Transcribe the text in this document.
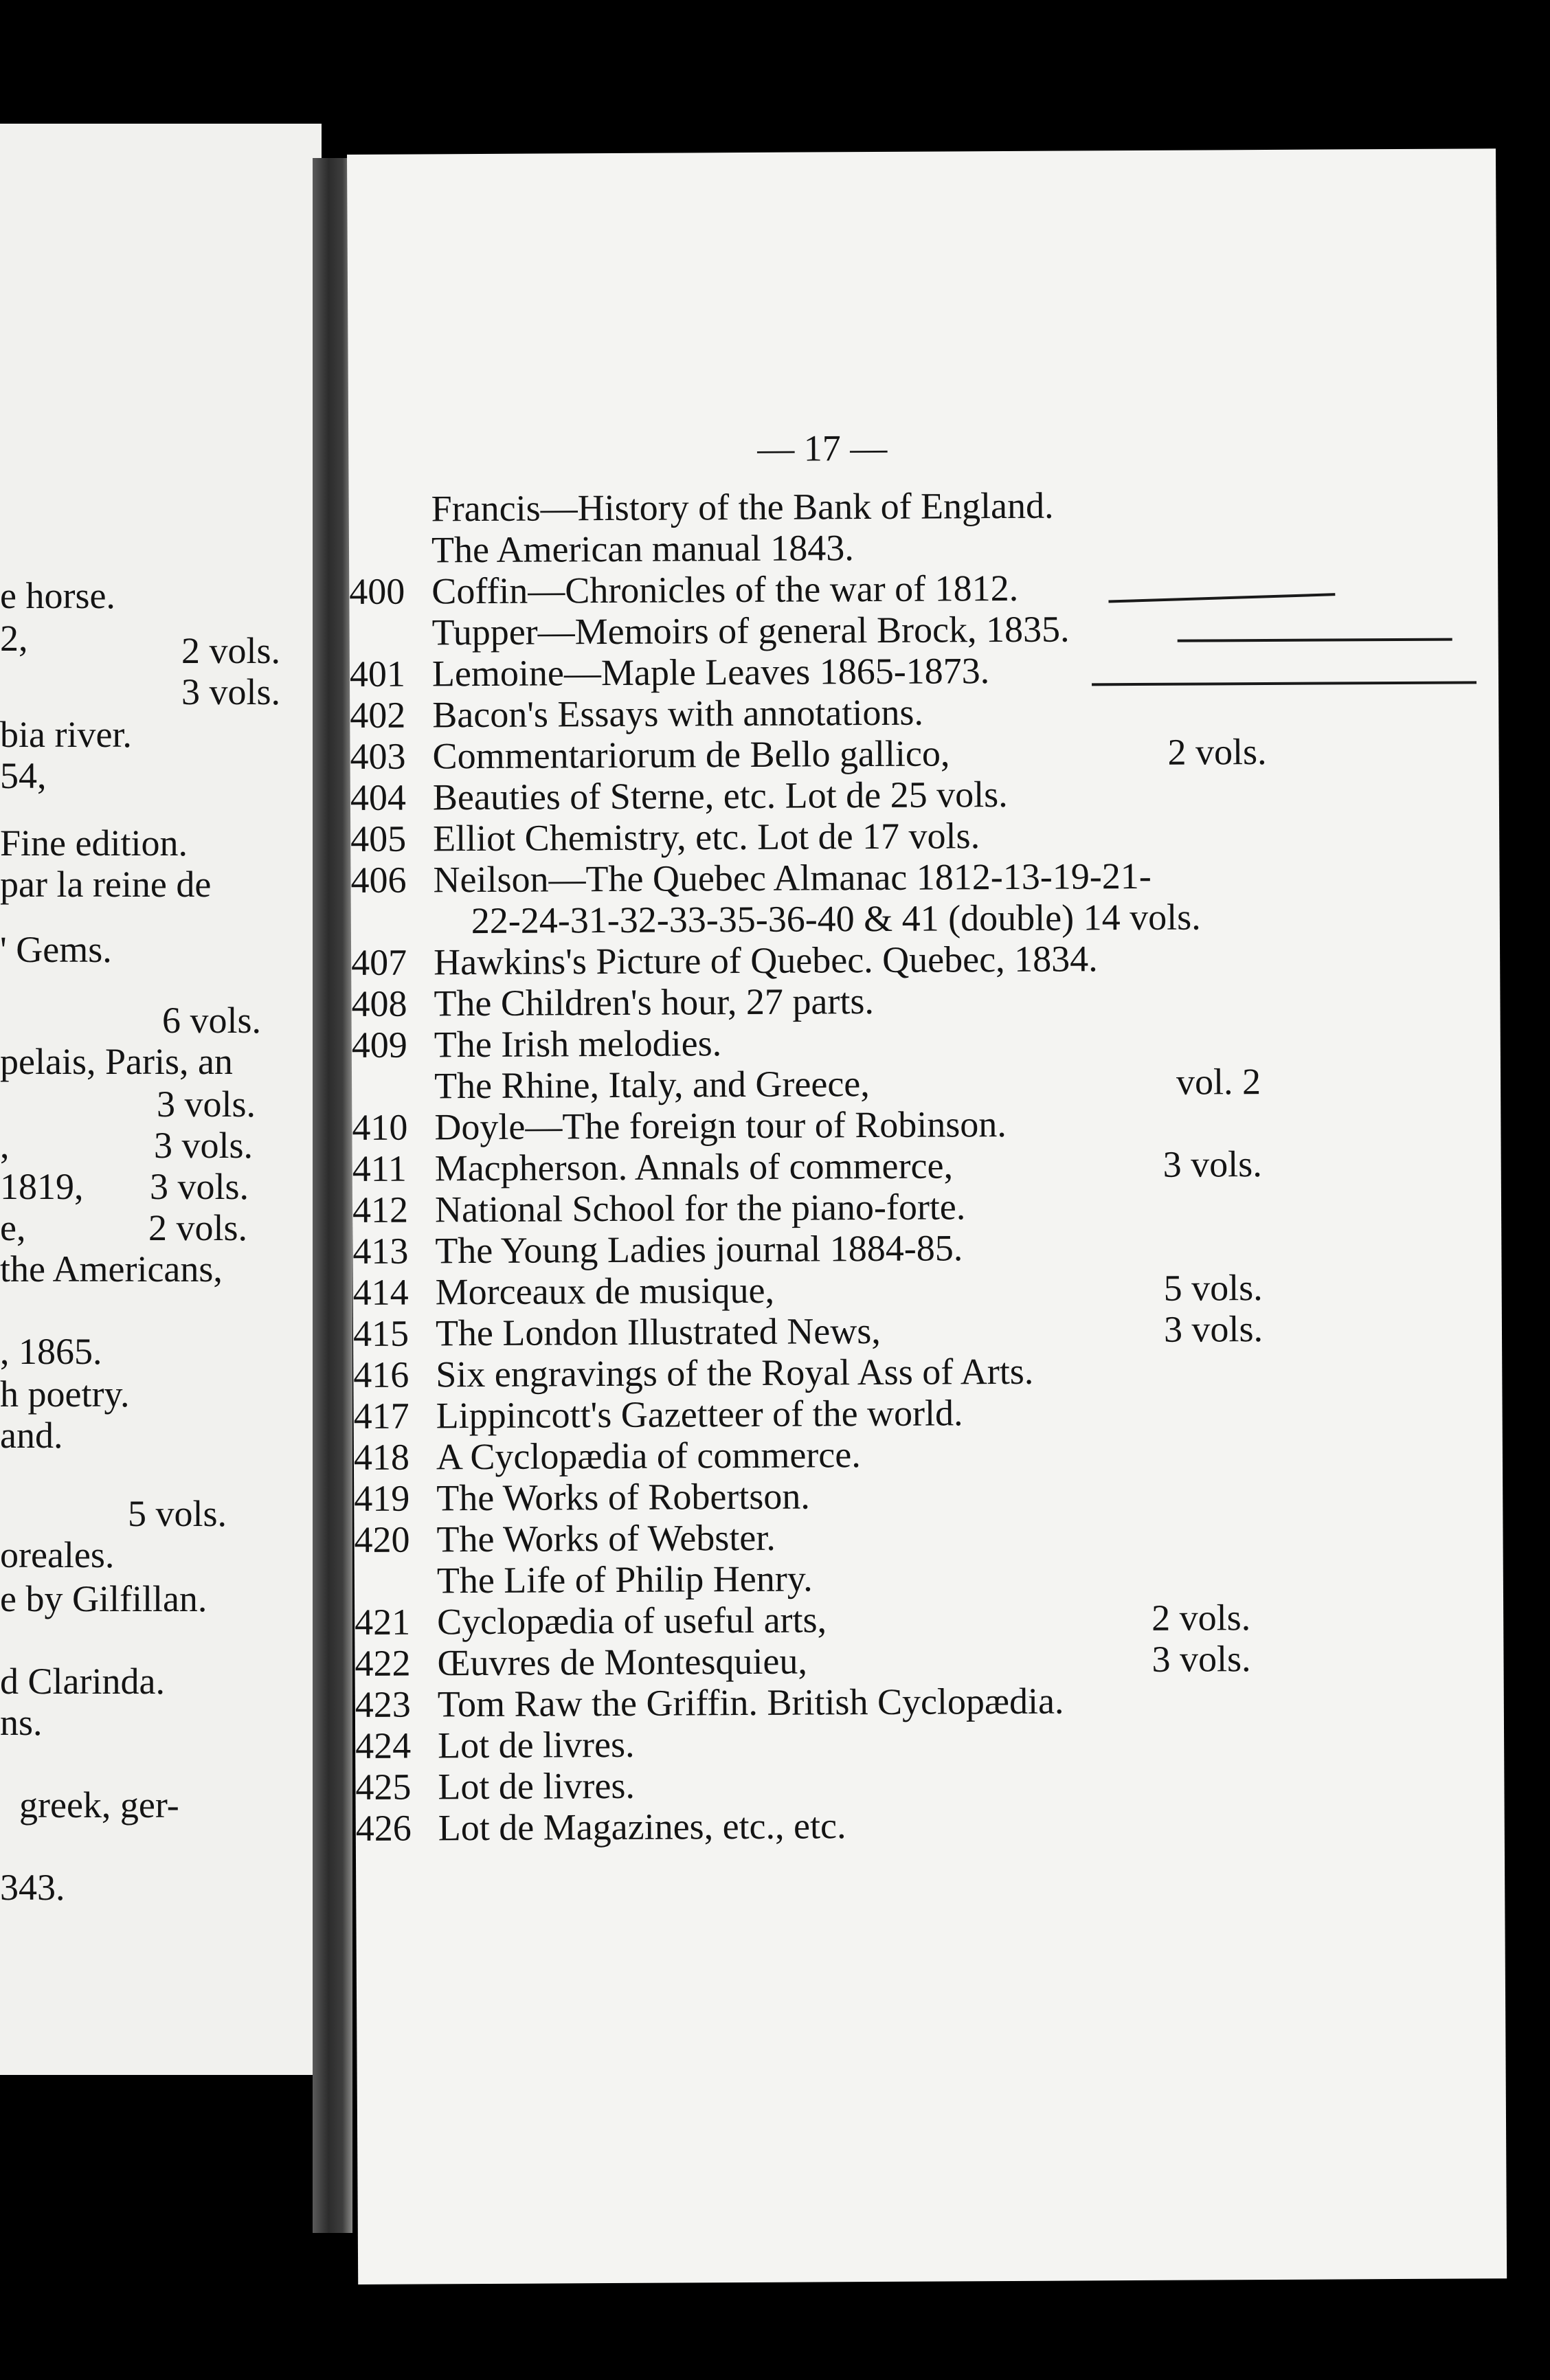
e horse.
2,	2 vols.
3 vols.
bia river.
54,
Fine edition.
par la reine de
' Gems.
6 vols.
pelais, Paris, an
3 vols.
,	3 vols.
1819, 3 vols.
e,	2 vols.
the Americans,
, 1865.
h poetry.
and.
5 vols.
oreales.
e by Gilfillan.
d Clarinda.
ns.
greek, ger-
343.
— 17 —
Francis—History of the Bank of England.
The American manual 1843.
400 Coffin—Chronicles of the war of 1812.
Tupper—Memoirs of general Brock, 1835.
401 Lemoine—Maple Leaves 1865-1873.
402 Bacon's Essays with annotations.
403 Commentariorum de Bello gallico,	2 vols.
404 Beauties of Sterne, etc. Lot de 25 vols.
405 Elliot Chemistry, etc. Lot de 17 vols.
406 Neilson—The Quebec Almanac 1812-13-19-21-
22-24-31-32-33-35-36-40 & 41 (double) 14 vols.
407 Hawkins's Picture of Quebec. Quebec, 1834.
408 The Children's hour, 27 parts.
409 The Irish melodies.
The Rhine, Italy, and Greece,	vol. 2
410 Doyle—The foreign tour of Robinson.
411 Macpherson. Annals of commerce,	3 vols.
412 National School for the piano-forte.
413 The Young Ladies journal 1884-85.
414 Morceaux de musique,	5 vols.
415 The London Illustrated News,	3 vols.
416 Six engravings of the Royal Ass of Arts.
417 Lippincott's Gazetteer of the world.
418 A Cyclopædia of commerce.
419 The Works of Robertson.
420 The Works of Webster.
The Life of Philip Henry.
421 Cyclopædia of useful arts,	2 vols.
422 Œuvres de Montesquieu,	3 vols.
423 Tom Raw the Griffin. British Cyclopædia.
424 Lot de livres.
425 Lot de livres.
426 Lot de Magazines, etc., etc.
